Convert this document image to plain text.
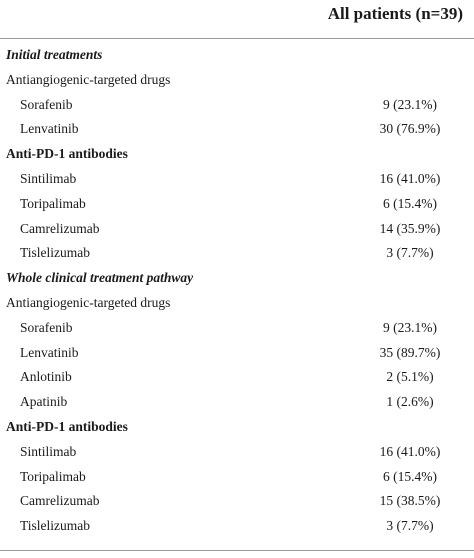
All patients (n=39)
Initial treatments
Antiangiogenic-targeted drugs
Sorafenib	9 (23.1%)
Lenvatinib	30 (76.9%)
Anti-PD-1 antibodies
Sintilimab	16 (41.0%)
Toripalimab	6 (15.4%)
Camrelizumab	14 (35.9%)
Tislelizumab	3 (7.7%)
Whole clinical treatment pathway
Antiangiogenic-targeted drugs
Sorafenib	9 (23.1%)
Lenvatinib	35 (89.7%)
Anlotinib	2 (5.1%)
Apatinib	1 (2.6%)
Anti-PD-1 antibodies
Sintilimab	16 (41.0%)
Toripalimab	6 (15.4%)
Camrelizumab	15 (38.5%)
Tislelizumab	3 (7.7%)
